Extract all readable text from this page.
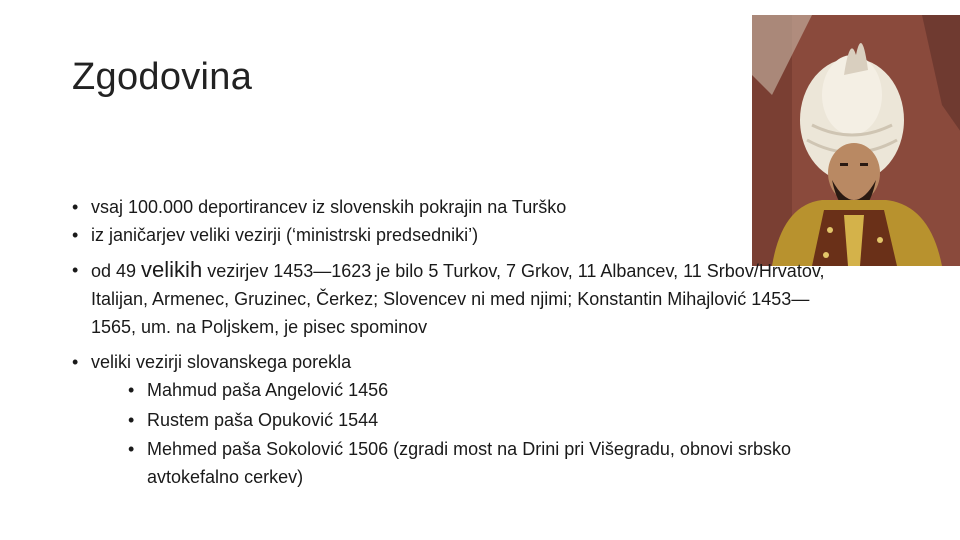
Zgodovina
• vsaj 100.000 deportirancev iz slovenskih pokrajin na Turško
• iz janičarjev veliki vezirji (‘ministrski predsedniki’)
• od 49 velikih vezirjev 1453—1623 je bilo 5 Turkov, 7 Grkov, 11 Albancev, 11 Srbov/Hrvatov, Italijan, Armenec, Gruzinec, Čerkez; Slovencev ni med njimi; Konstantin Mihajlović 1453—1565, um. na Poljskem, je pisec spominov
• veliki vezirji slovanskega porekla
• Mahmud paša Angelović 1456
• Rustem paša Opuković 1544
• Mehmed paša Sokolović 1506 (zgradi most na Drini pri Višegradu, obnovi srbsko avtokefalno cerkev)
